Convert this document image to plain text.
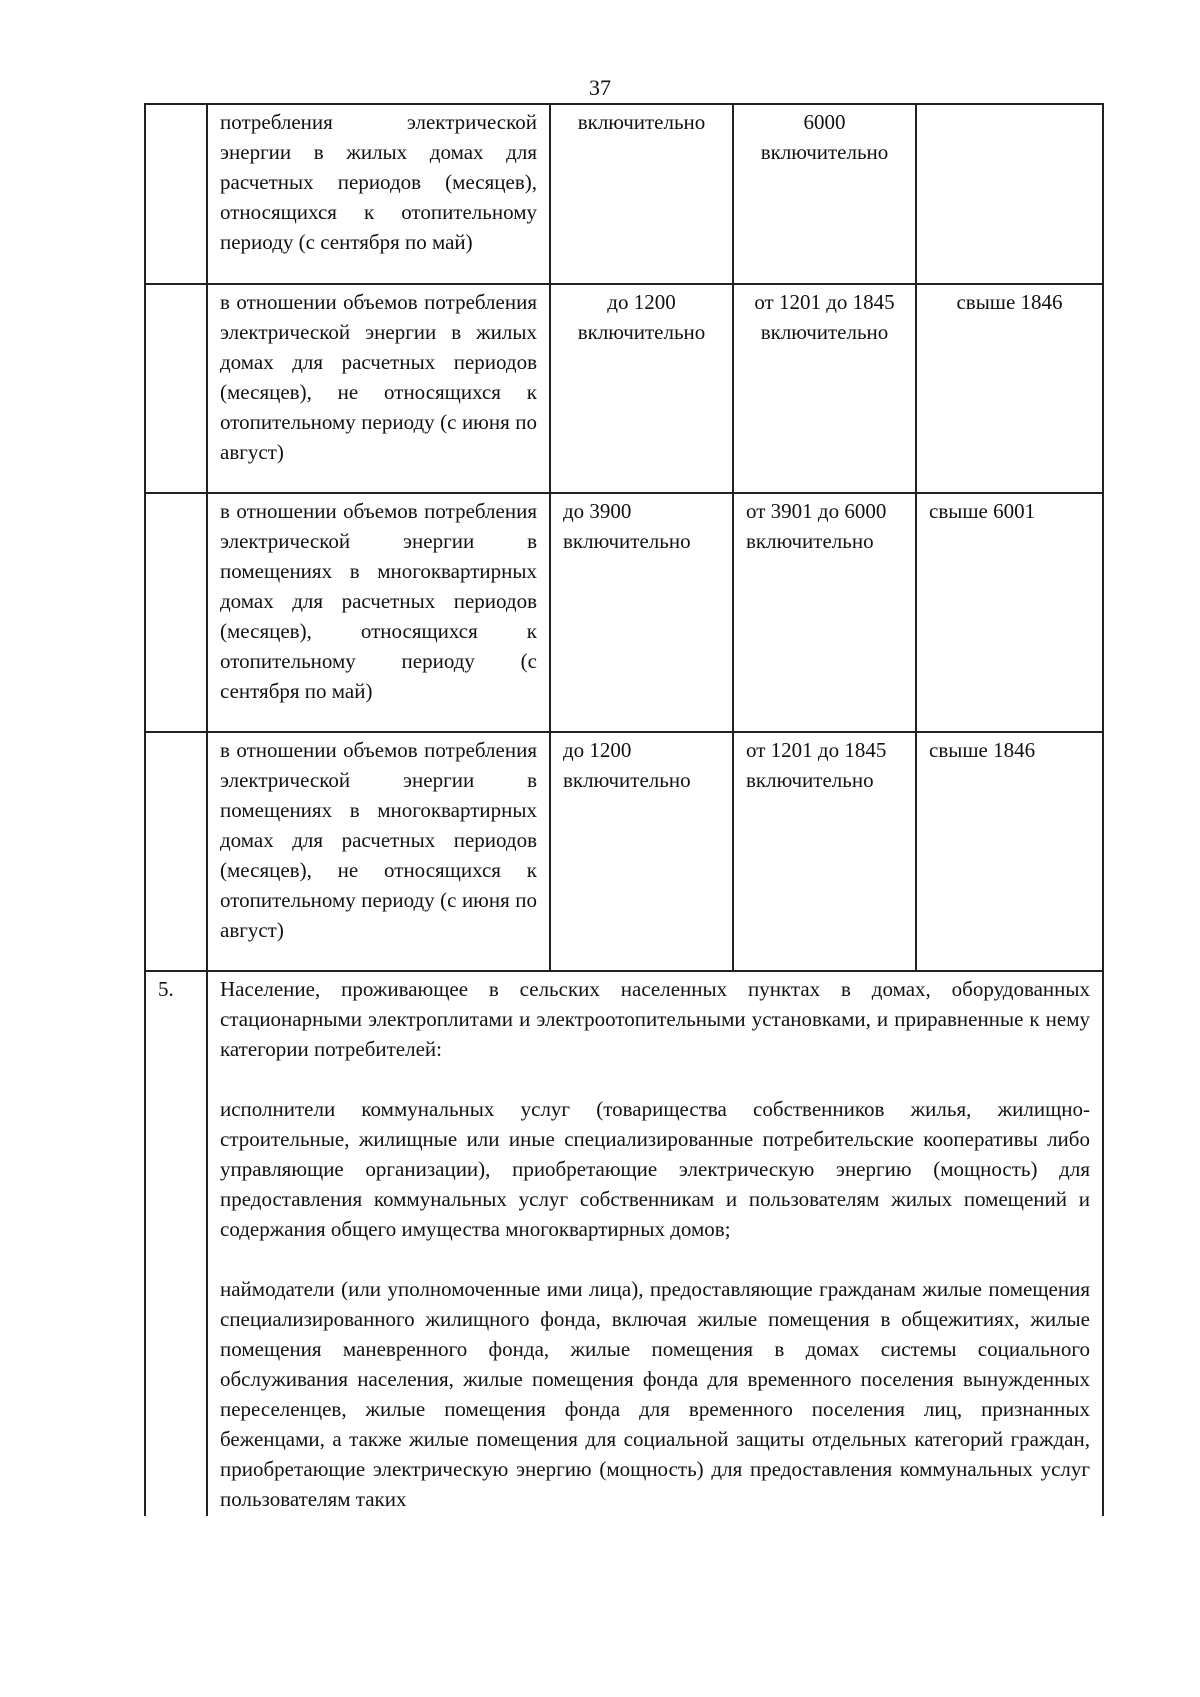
37
	потребления электрической энергии в жилых домах для расчетных периодов (месяцев), относящихся к отопительному периоду (с сентября по май)	включительно	6000 включительно	
	в отношении объемов потребления электрической энергии в жилых домах для расчетных периодов (месяцев), не относящихся к отопительному периоду (с июня по август)	до 1200 включительно	от 1201 до 1845 включительно	свыше 1846
	в отношении объемов потребления электрической энергии в помещениях в многоквартирных домах для расчетных периодов (месяцев), относящихся к отопительному периоду (с сентября по май)	до 3900 включительно	от 3901 до 6000 включительно	свыше 6001
	в отношении объемов потребления электрической энергии в помещениях в многоквартирных домах для расчетных периодов (месяцев), не относящихся к отопительному периоду (с июня по август)	до 1200 включительно	от 1201 до 1845 включительно	свыше 1846
5.	Население, проживающее в сельских населенных пунктах в домах, оборудованных стационарными электроплитами и электроотопительными установками, и приравненные к нему категории потребителей:

исполнители коммунальных услуг (товарищества собственников жилья, жилищно-строительные, жилищные или иные специализированные потребительские кооперативы либо управляющие организации), приобретающие электрическую энергию (мощность) для предоставления коммунальных услуг собственникам и пользователям жилых помещений и содержания общего имущества многоквартирных домов;

наймодатели (или уполномоченные ими лица), предоставляющие гражданам жилые помещения специализированного жилищного фонда, включая жилые помещения в общежитиях, жилые помещения маневренного фонда, жилые помещения в домах системы социального обслуживания населения, жилые помещения фонда для временного поселения вынужденных переселенцев, жилые помещения фонда для временного поселения лиц, признанных беженцами, а также жилые помещения для социальной защиты отдельных категорий граждан, приобретающие электрическую энергию (мощность) для предоставления коммунальных услуг пользователям таких			
